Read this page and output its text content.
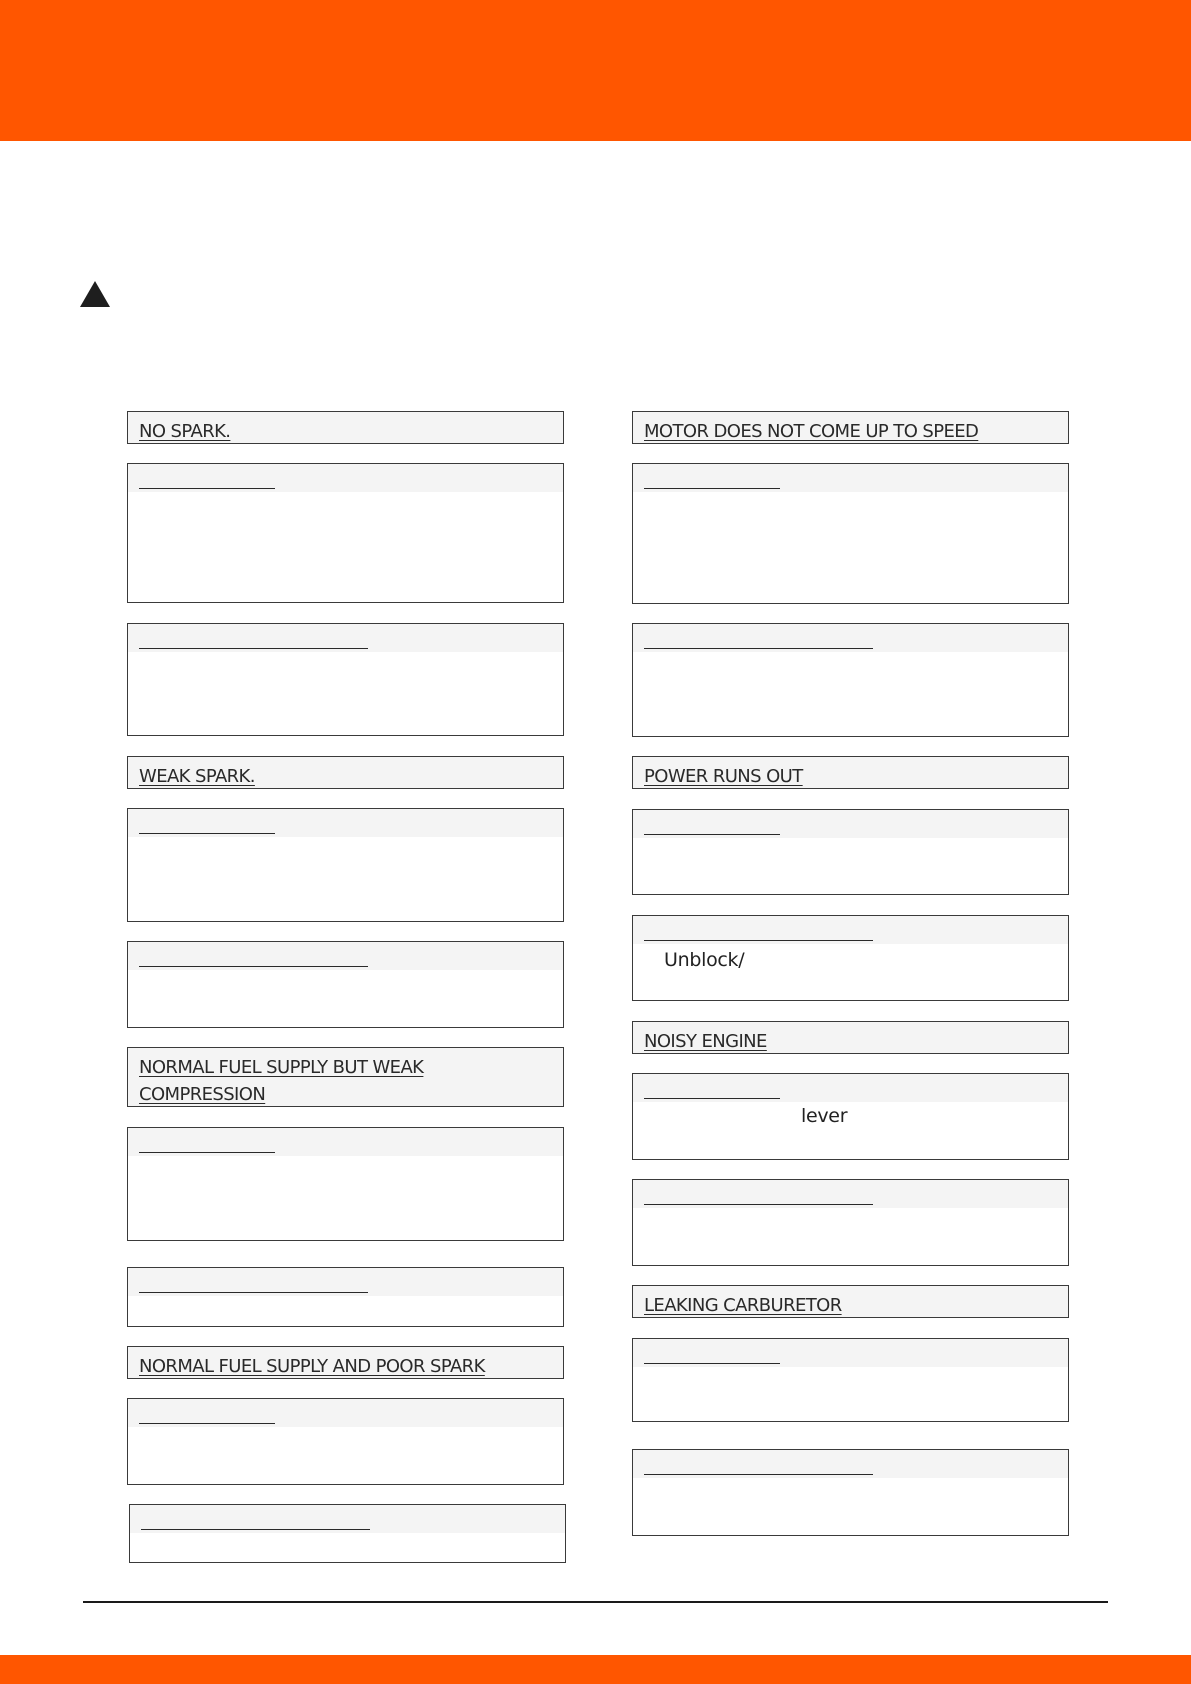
NO SPARK.
WEAK SPARK.
NORMAL FUEL SUPPLY BUT WEAK COMPRESSION
NORMAL FUEL SUPPLY AND POOR SPARK
MOTOR DOES NOT COME UP TO SPEED
POWER RUNS OUT
Unblock/
NOISY ENGINE
lever
LEAKING CARBURETOR
